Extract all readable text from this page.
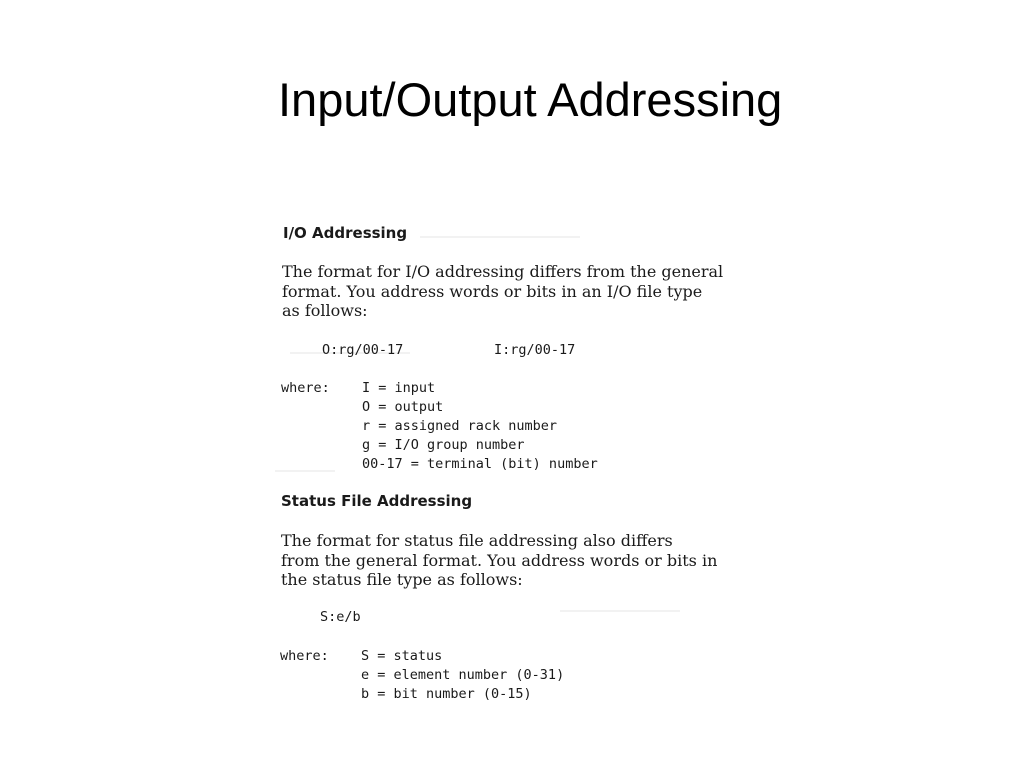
Input/Output Addressing
I/O Addressing
The format for I/O addressing differs from the general
format. You address words or bits in an I/O file type
as follows:
O:rg/00-17	I:rg/00-17
where: I = input
O = output
r = assigned rack number
g = I/O group number
00-17 = terminal (bit) number
Status File Addressing
The format for status file addressing also differs
from the general format. You address words or bits in
the status file type as follows:
S:e/b
where: S = status
e = element number (0-31)
b = bit number (0-15)
